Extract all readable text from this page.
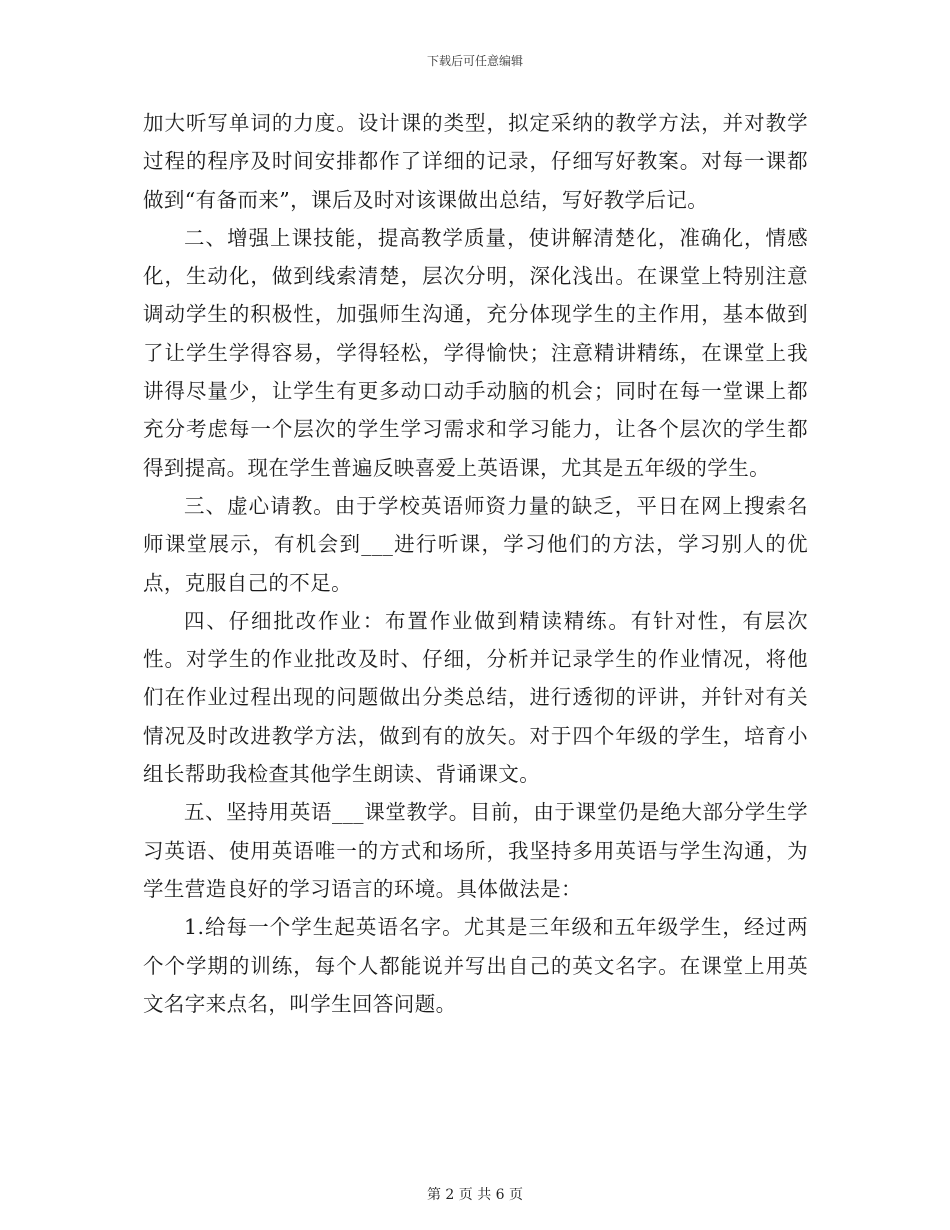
下载后可任意编辑

加大听写单词的力度。设计课的类型，拟定采纳的教学方法，并对教学过程的程序及时间安排都作了详细的记录，仔细写好教案。对每一课都做到“有备而来”，课后及时对该课做出总结，写好教学后记。

二、增强上课技能，提高教学质量，使讲解清楚化，准确化，情感化，生动化，做到线索清楚，层次分明，深化浅出。在课堂上特别注意调动学生的积极性，加强师生沟通，充分体现学生的主作用，基本做到了让学生学得容易，学得轻松，学得愉快；注意精讲精练，在课堂上我讲得尽量少，让学生有更多动口动手动脑的机会；同时在每一堂课上都充分考虑每一个层次的学生学习需求和学习能力，让各个层次的学生都得到提高。现在学生普遍反映喜爱上英语课，尤其是五年级的学生。

三、虚心请教。由于学校英语师资力量的缺乏，平日在网上搜索名师课堂展示，有机会到___进行听课，学习他们的方法，学习别人的优点，克服自己的不足。

四、仔细批改作业：布置作业做到精读精练。有针对性，有层次性。对学生的作业批改及时、仔细，分析并记录学生的作业情况，将他们在作业过程出现的问题做出分类总结，进行透彻的评讲，并针对有关情况及时改进教学方法，做到有的放矢。对于四个年级的学生，培育小组长帮助我检查其他学生朗读、背诵课文。

五、坚持用英语___课堂教学。目前，由于课堂仍是绝大部分学生学习英语、使用英语唯一的方式和场所，我坚持多用英语与学生沟通，为学生营造良好的学习语言的环境。具体做法是：

1.给每一个学生起英语名字。尤其是三年级和五年级学生，经过两个个学期的训练，每个人都能说并写出自己的英文名字。在课堂上用英文名字来点名，叫学生回答问题。

第 2 页 共 6 页
